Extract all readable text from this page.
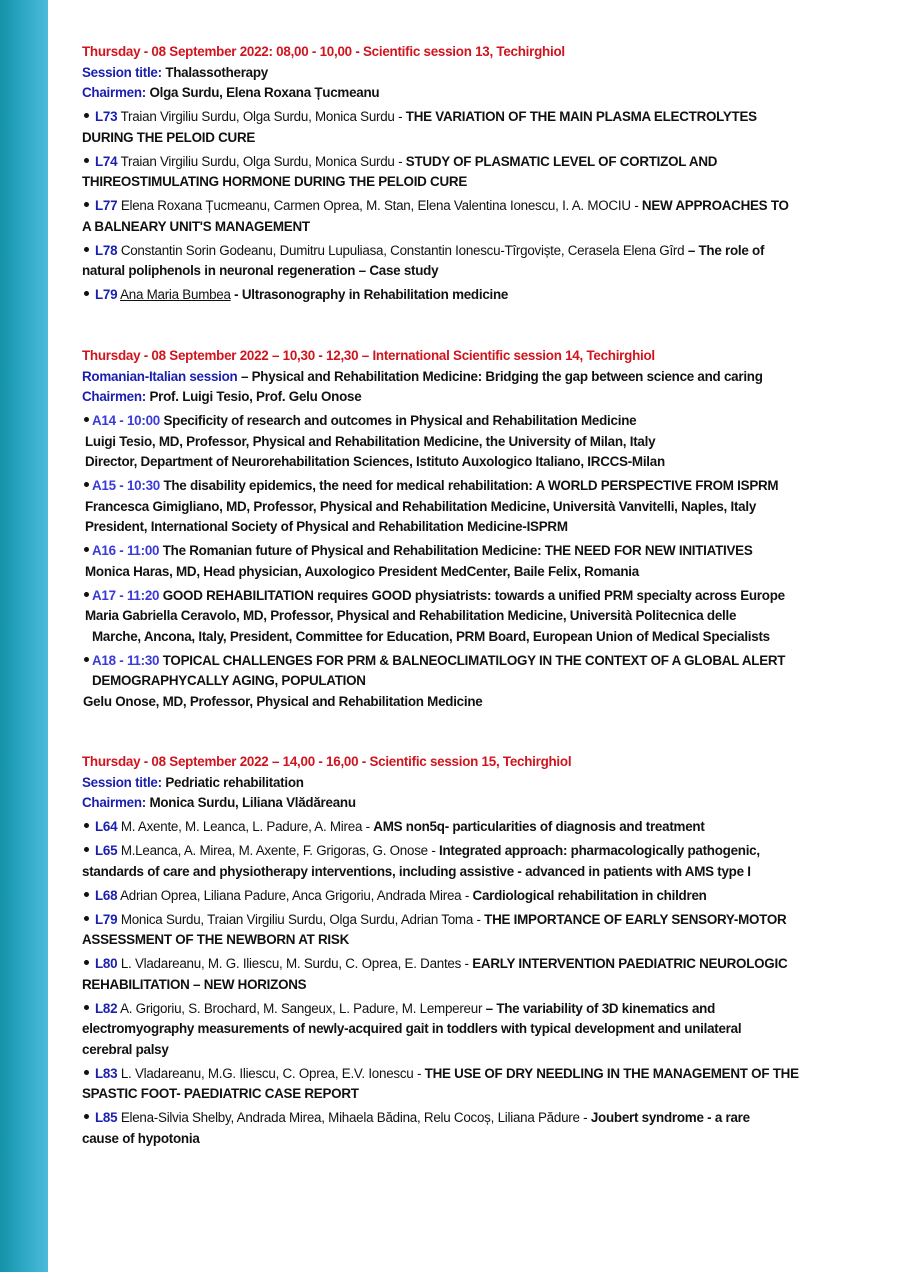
Thursday - 08 September 2022: 08,00 - 10,00 - Scientific session 13, Techirghiol

Session title: Thalassotherapy

Chairmen: Olga Surdu, Elena Roxana Țucmeanu

L73 Traian Virgiliu Surdu, Olga Surdu, Monica Surdu - THE VARIATION OF THE MAIN PLASMA ELECTROLYTES

DURING THE PELOID CURE

L74 Traian Virgiliu Surdu, Olga Surdu, Monica Surdu - STUDY OF PLASMATIC LEVEL OF CORTIZOL AND

THIREOSTIMULATING HORMONE DURING THE PELOID CURE

L77 Elena Roxana Țucmeanu, Carmen Oprea, M. Stan, Elena Valentina Ionescu, I. A. MOCIU - NEW APPROACHES TO

A BALNEARY UNIT'S MANAGEMENT

L78 Constantin Sorin Godeanu, Dumitru Lupuliasa, Constantin Ionescu-Tîrgoviște, Cerasela Elena Gîrd – The role of

natural poliphenols in neuronal regeneration – Case study

L79 Ana Maria Bumbea - Ultrasonography in Rehabilitation medicine

Thursday - 08 September 2022 – 10,30 - 12,30 – International Scientific session 14, Techirghiol

Romanian-Italian session – Physical and Rehabilitation Medicine: Bridging the gap between science and caring

Chairmen: Prof. Luigi Tesio, Prof. Gelu Onose

A14 - 10:00 Specificity of research and outcomes in Physical and Rehabilitation Medicine

Luigi Tesio, MD, Professor, Physical and Rehabilitation Medicine, the University of Milan, Italy

Director, Department of Neurorehabilitation Sciences, Istituto Auxologico Italiano, IRCCS-Milan

A15 - 10:30 The disability epidemics, the need for medical rehabilitation: A WORLD PERSPECTIVE FROM ISPRM

Francesca Gimigliano, MD, Professor, Physical and Rehabilitation Medicine, Università Vanvitelli, Naples, Italy

President, International Society of Physical and Rehabilitation Medicine-ISPRM

A16 - 11:00 The Romanian future of Physical and Rehabilitation Medicine: THE NEED FOR NEW INITIATIVES

Monica Haras, MD, Head physician, Auxologico President MedCenter, Baile Felix, Romania

A17 - 11:20 GOOD REHABILITATION requires GOOD physiatrists: towards a unified PRM specialty across Europe

Maria Gabriella Ceravolo, MD, Professor, Physical and Rehabilitation Medicine, Università Politecnica delle

Marche, Ancona, Italy, President, Committee for Education, PRM Board, European Union of Medical Specialists

A18 - 11:30 TOPICAL CHALLENGES FOR PRM & BALNEOCLIMATILOGY IN THE CONTEXT OF A GLOBAL ALERT

DEMOGRAPHYCALLY AGING, POPULATION

Gelu Onose, MD, Professor, Physical and Rehabilitation Medicine

Thursday - 08 September 2022 – 14,00 - 16,00 - Scientific session 15, Techirghiol

Session title: Pedriatic rehabilitation

Chairmen: Monica Surdu, Liliana Vlădăreanu

L64 M. Axente, M. Leanca, L. Padure, A. Mirea - AMS non5q- particularities of diagnosis and treatment

L65 M.Leanca, A. Mirea, M. Axente, F. Grigoras, G. Onose - Integrated approach: pharmacologically pathogenic,

standards of care and physiotherapy interventions, including assistive - advanced in patients with AMS type I

L68 Adrian Oprea, Liliana Padure, Anca Grigoriu, Andrada Mirea - Cardiological rehabilitation in children

L79 Monica Surdu, Traian Virgiliu Surdu, Olga Surdu, Adrian Toma - THE IMPORTANCE OF EARLY SENSORY-MOTOR

ASSESSMENT OF THE NEWBORN AT RISK

L80 L. Vladareanu, M. G. Iliescu, M. Surdu, C. Oprea, E. Dantes - EARLY INTERVENTION PAEDIATRIC NEUROLOGIC

REHABILITATION – NEW HORIZONS

L82 A. Grigoriu, S. Brochard, M. Sangeux, L. Padure, M. Lempereur – The variability of 3D kinematics and

electromyography measurements of newly-acquired gait in toddlers with typical development and unilateral

cerebral palsy

L83 L. Vladareanu, M.G. Iliescu, C. Oprea, E.V. Ionescu - THE USE OF DRY NEEDLING IN THE MANAGEMENT OF THE

SPASTIC FOOT- PAEDIATRIC CASE REPORT

L85 Elena-Silvia Shelby, Andrada Mirea, Mihaela Bădina, Relu Cocoș, Liliana Pădure - Joubert syndrome - a rare

cause of hypotonia
